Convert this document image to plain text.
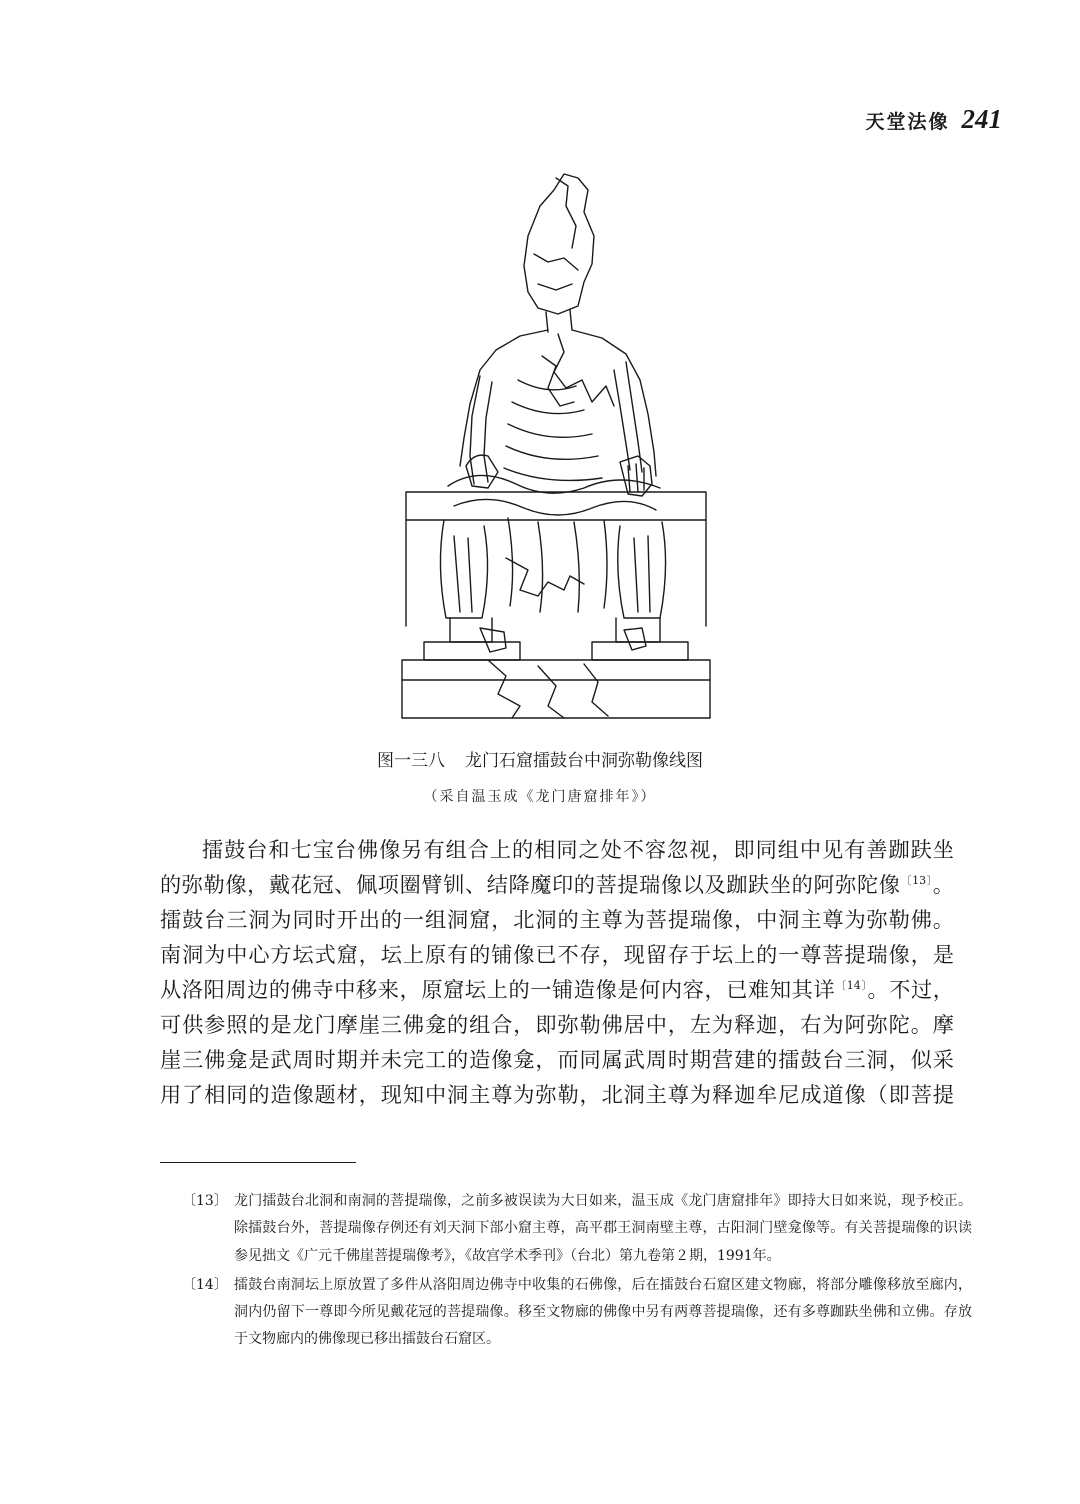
天堂法像 241
图一三八 龙门石窟擂鼓台中洞弥勒像线图
（采自温玉成《龙门唐窟排年》）

擂鼓台和七宝台佛像另有组合上的相同之处不容忽视，即同组中见有善跏趺坐
的弥勒像，戴花冠、佩项圈臂钏、结降魔印的菩提瑞像以及跏趺坐的阿弥陀像$^{〔13〕}$。
擂鼓台三洞为同时开出的一组洞窟，北洞的主尊为菩提瑞像，中洞主尊为弥勒佛。
南洞为中心方坛式窟，坛上原有的铺像已不存，现留存于坛上的一尊菩提瑞像，是
从洛阳周边的佛寺中移来，原窟坛上的一铺造像是何内容，已难知其详$^{〔14〕}$。不过，
可供参照的是龙门摩崖三佛龛的组合，即弥勒佛居中，左为释迦，右为阿弥陀。摩
崖三佛龛是武周时期并未完工的造像龛，而同属武周时期营建的擂鼓台三洞，似采
用了相同的造像题材，现知中洞主尊为弥勒，北洞主尊为释迦牟尼成道像（即菩提

〔13〕 龙门擂鼓台北洞和南洞的菩提瑞像，之前多被误读为大日如来，温玉成《龙门唐窟排年》即持大日如来说，现予校正。除擂鼓台外，菩提瑞像存例还有刘天洞下部小窟主尊，高平郡王洞南壁主尊，古阳洞门壁龛像等。有关菩提瑞像的识读参见拙文《广元千佛崖菩提瑞像考》，《故宫学术季刊》（台北）第九卷第２期，1991年。
〔14〕 擂鼓台南洞坛上原放置了多件从洛阳周边佛寺中收集的石佛像，后在擂鼓台石窟区建文物廊，将部分雕像移放至廊内，洞内仍留下一尊即今所见戴花冠的菩提瑞像。移至文物廊的佛像中另有两尊菩提瑞像，还有多尊跏趺坐佛和立佛。存放于文物廊内的佛像现已移出擂鼓台石窟区。
